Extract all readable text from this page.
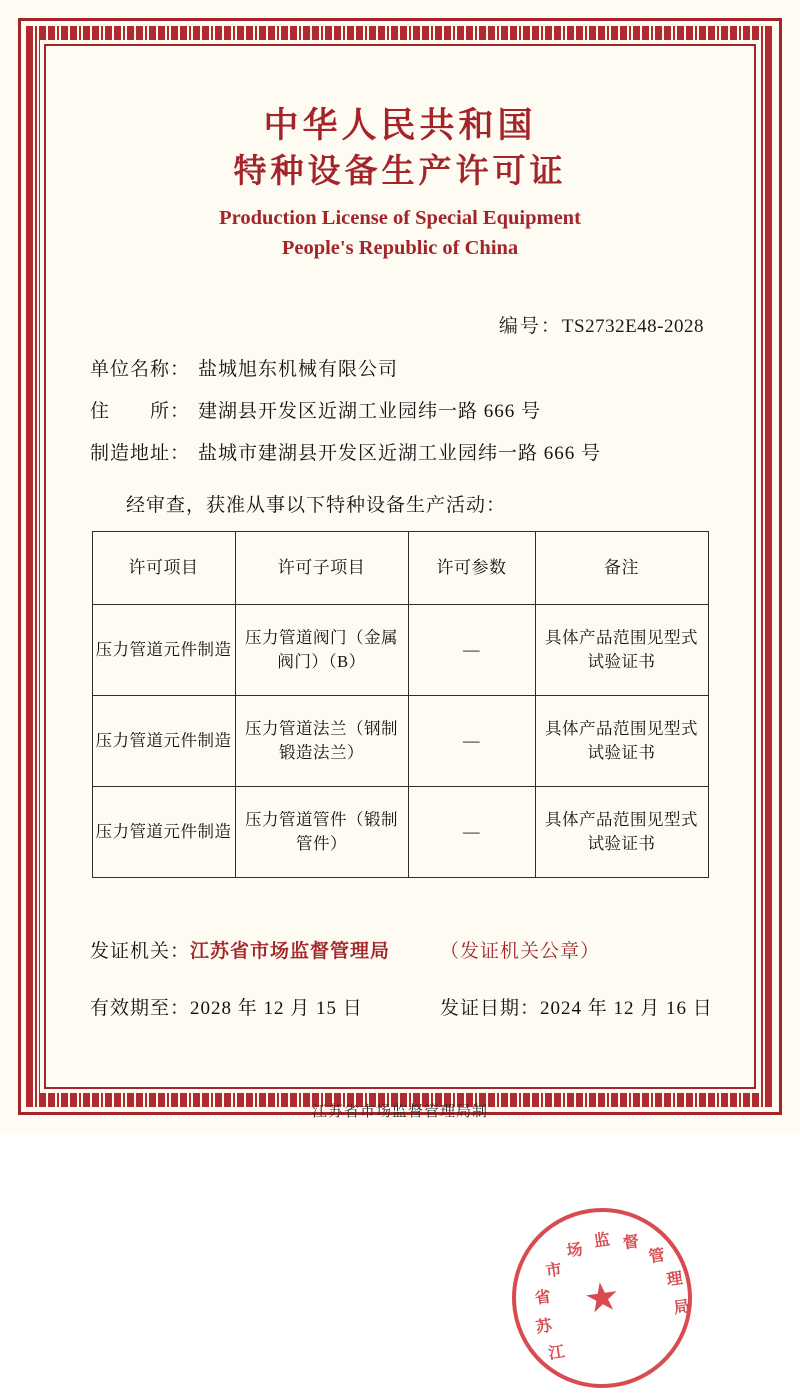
中华人民共和国
特种设备生产许可证
Production License of Special Equipment
People's Republic of China
编号：TS2732E48-2028
单位名称： 盐城旭东机械有限公司
住　　所： 建湖县开发区近湖工业园纬一路 666 号
制造地址： 盐城市建湖县开发区近湖工业园纬一路 666 号
经审查，获准从事以下特种设备生产活动：
许可项目	许可子项目	许可参数	备注
压力管道元件制造	压力管道阀门（金属阀门）（B）	—	具体产品范围见型式试验证书
压力管道元件制造	压力管道法兰（钢制锻造法兰）	—	具体产品范围见型式试验证书
压力管道元件制造	压力管道管件（锻制管件）	—	具体产品范围见型式试验证书
★
江
苏
省
市
场
监 督
管
理
局
发证机关：江苏省市场监督管理局	（发证机关公章）
有效期至：2028 年 12 月 15 日	发证日期：2024 年 12 月 16 日
江苏省市场监督管理局制
